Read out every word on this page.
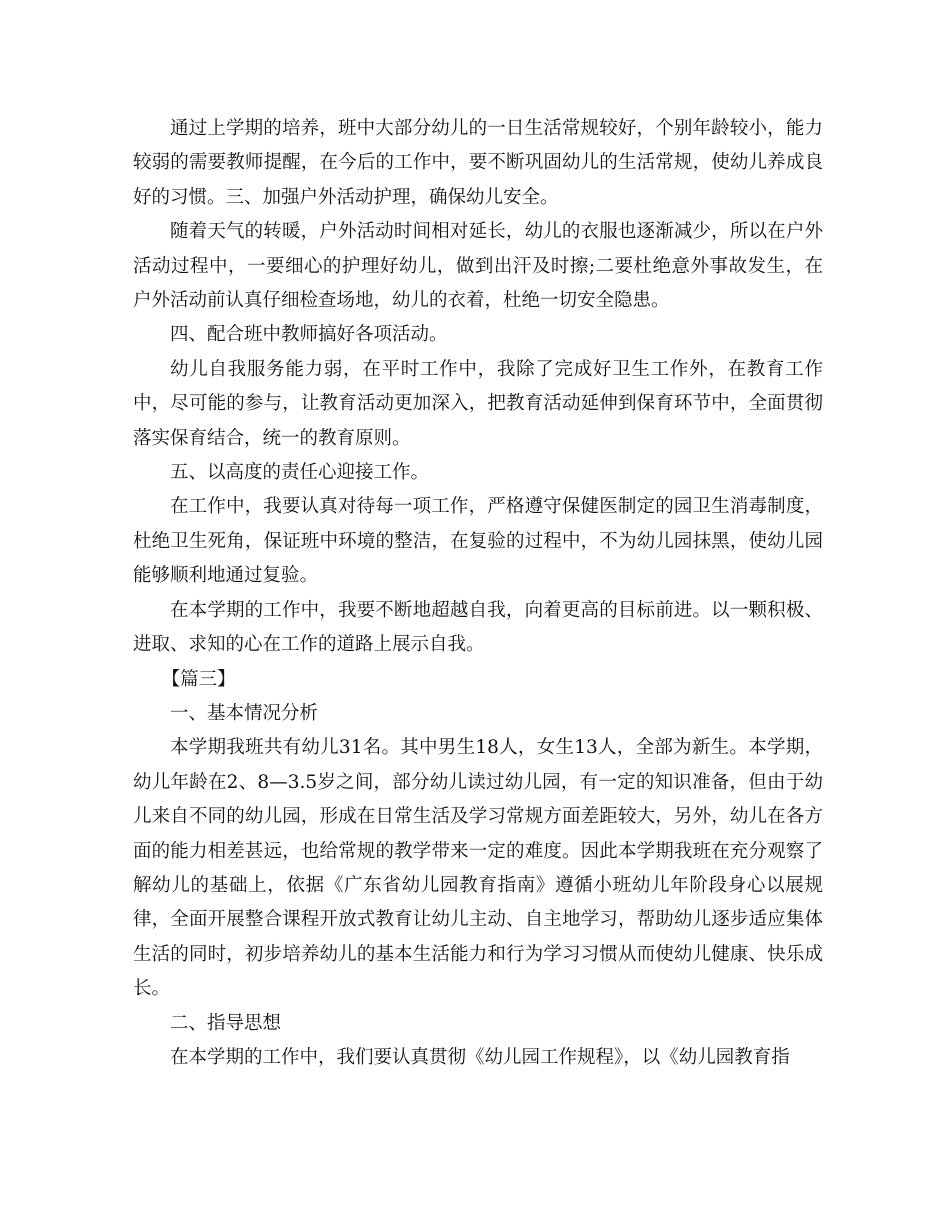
通过上学期的培养，班中大部分幼儿的一日生活常规较好，个别年龄较小，能力较弱的需要教师提醒，在今后的工作中，要不断巩固幼儿的生活常规，使幼儿养成良好的习惯。三、加强户外活动护理，确保幼儿安全。

随着天气的转暖，户外活动时间相对延长，幼儿的衣服也逐渐减少，所以在户外活动过程中，一要细心的护理好幼儿，做到出汗及时擦;二要杜绝意外事故发生，在户外活动前认真仔细检查场地，幼儿的衣着，杜绝一切安全隐患。

四、配合班中教师搞好各项活动。

幼儿自我服务能力弱，在平时工作中，我除了完成好卫生工作外，在教育工作中，尽可能的参与，让教育活动更加深入，把教育活动延伸到保育环节中，全面贯彻落实保育结合，统一的教育原则。

五、以高度的责任心迎接工作。

在工作中，我要认真对待每一项工作，严格遵守保健医制定的园卫生消毒制度，杜绝卫生死角，保证班中环境的整洁，在复验的过程中，不为幼儿园抹黑，使幼儿园能够顺利地通过复验。

在本学期的工作中，我要不断地超越自我，向着更高的目标前进。以一颗积极、进取、求知的心在工作的道路上展示自我。

【篇三】

一、基本情况分析

本学期我班共有幼儿31名。其中男生18人，女生13人，全部为新生。本学期，幼儿年龄在2、8—3.5岁之间，部分幼儿读过幼儿园，有一定的知识准备，但由于幼儿来自不同的幼儿园，形成在日常生活及学习常规方面差距较大，另外，幼儿在各方面的能力相差甚远，也给常规的教学带来一定的难度。因此本学期我班在充分观察了解幼儿的基础上，依据《广东省幼儿园教育指南》遵循小班幼儿年阶段身心以展规律，全面开展整合课程开放式教育让幼儿主动、自主地学习，帮助幼儿逐步适应集体生活的同时，初步培养幼儿的基本生活能力和行为学习习惯从而使幼儿健康、快乐成长。

二、指导思想

在本学期的工作中，我们要认真贯彻《幼儿园工作规程》，以《幼儿园教育指
